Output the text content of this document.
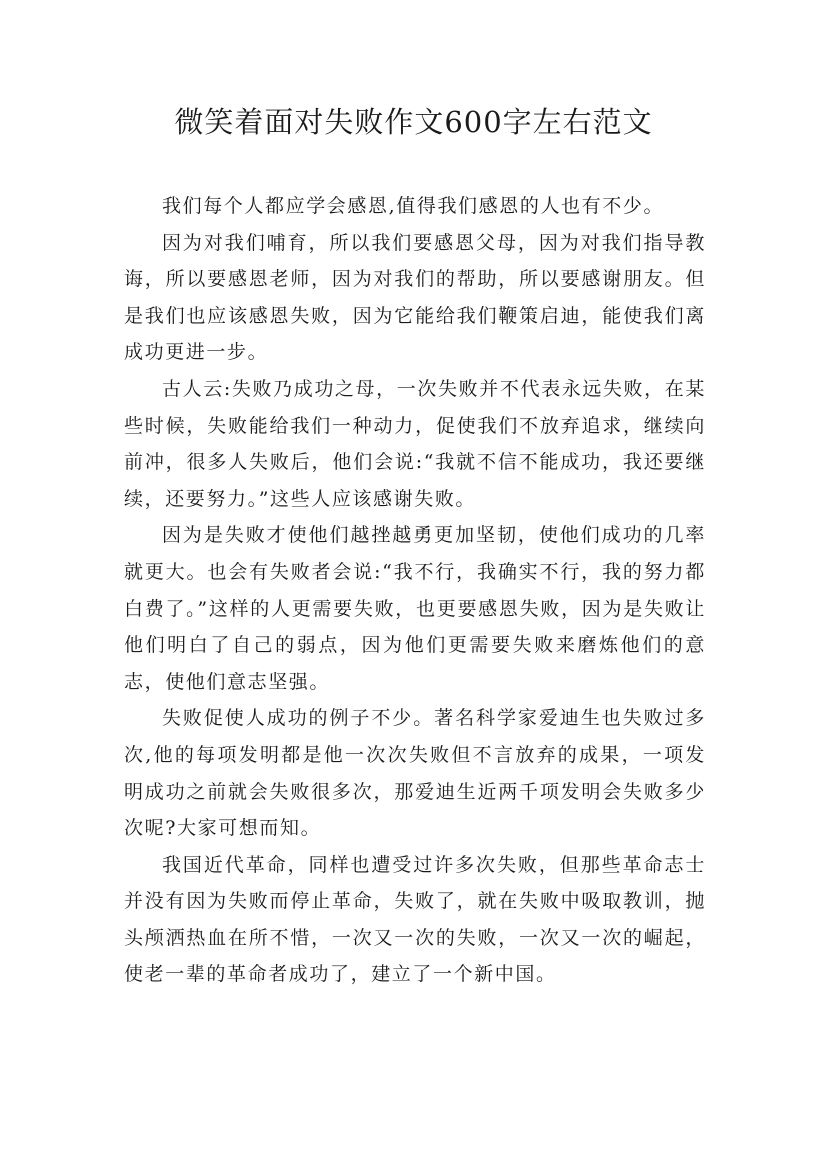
微笑着面对失败作文600字左右范文

我们每个人都应学会感恩,值得我们感恩的人也有不少。

因为对我们哺育，所以我们要感恩父母，因为对我们指导教诲，所以要感恩老师，因为对我们的帮助，所以要感谢朋友。但是我们也应该感恩失败，因为它能给我们鞭策启迪，能使我们离成功更进一步。

古人云:失败乃成功之母，一次失败并不代表永远失败，在某些时候，失败能给我们一种动力，促使我们不放弃追求，继续向前冲，很多人失败后，他们会说:“我就不信不能成功，我还要继续，还要努力。”这些人应该感谢失败。

因为是失败才使他们越挫越勇更加坚韧，使他们成功的几率就更大。也会有失败者会说:“我不行，我确实不行，我的努力都白费了。”这样的人更需要失败，也更要感恩失败，因为是失败让他们明白了自己的弱点，因为他们更需要失败来磨炼他们的意志，使他们意志坚强。

失败促使人成功的例子不少。著名科学家爱迪生也失败过多次,他的每项发明都是他一次次失败但不言放弃的成果，一项发明成功之前就会失败很多次，那爱迪生近两千项发明会失败多少次呢?大家可想而知。

我国近代革命，同样也遭受过许多次失败，但那些革命志士并没有因为失败而停止革命，失败了，就在失败中吸取教训，抛头颅洒热血在所不惜，一次又一次的失败，一次又一次的崛起，使老一辈的革命者成功了，建立了一个新中国。
